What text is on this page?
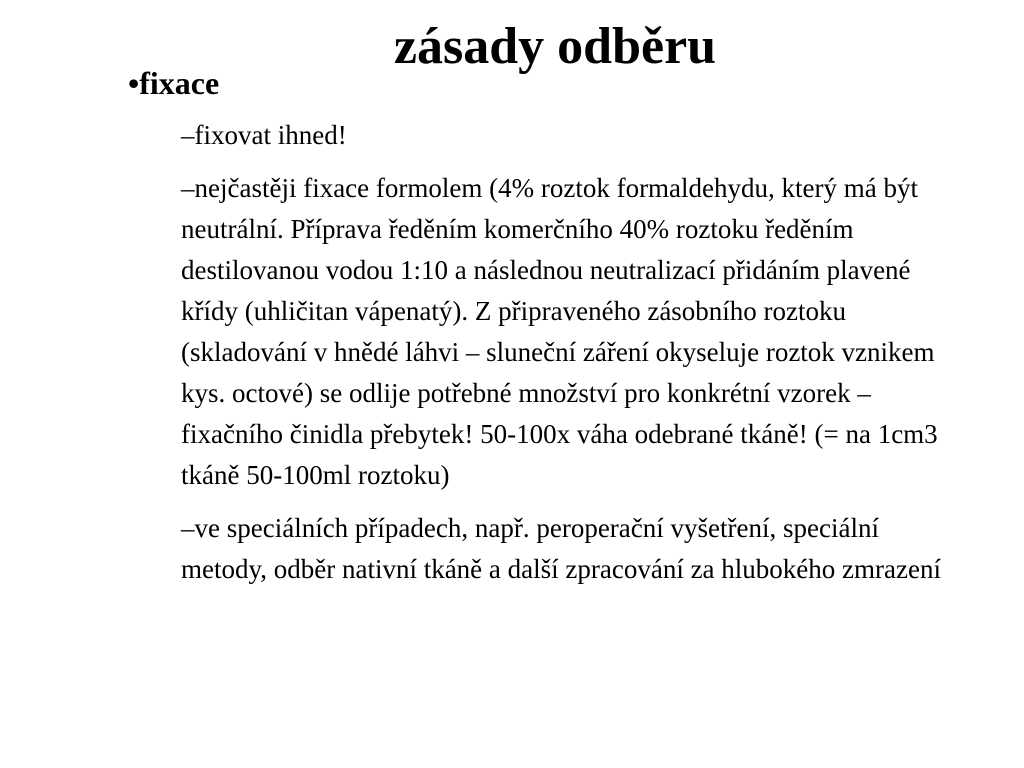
zásady odběru

•fixace

–fixovat ihned!
–nejčastěji fixace formolem (4% roztok formaldehydu, který má být neutrální. Příprava ředěním komerčního 40% roztoku ředěním destilovanou vodou 1:10 a následnou neutralizací přidáním plavené křídy (uhličitan vápenatý). Z připraveného zásobního roztoku (skladování v hnědé láhvi – sluneční záření okyseluje roztok vznikem kys. octové) se odlije potřebné množství pro konkrétní vzorek – fixačního činidla přebytek! 50-100x váha odebrané tkáně! (= na 1cm3 tkáně 50-100ml roztoku)
–ve speciálních případech, např. peroperační vyšetření, speciální metody, odběr nativní tkáně a další zpracování za hlubokého zmrazení
